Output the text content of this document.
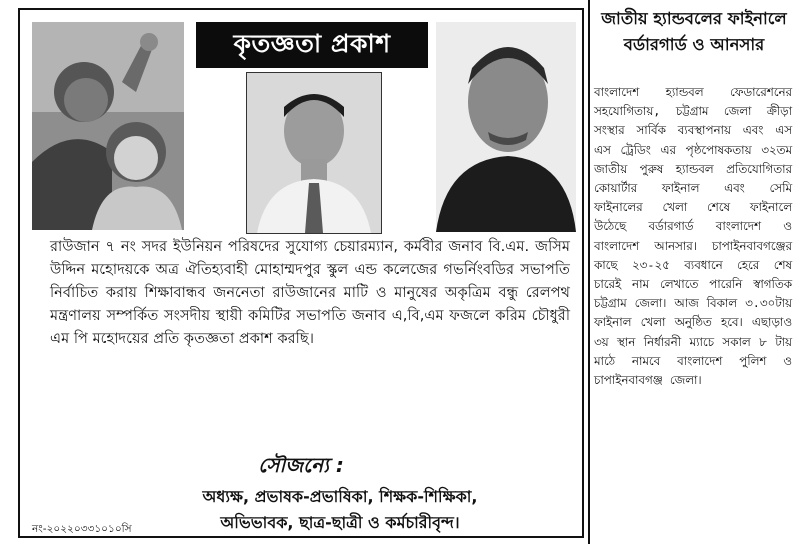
কৃতজ্ঞতা প্রকাশ
রাউজান ৭ নং সদর ইউনিয়ন পরিষদের সুযোগ্য চেয়ারম্যান, কর্মবীর জনাব বি.এম. জসিম উদ্দিন মহোদয়কে অত্র ঐতিহ্যবাহী মোহাম্মদপুর স্কুল এন্ড কলেজের গভর্নিংবডির সভাপতি নির্বাচিত করায় শিক্ষাবান্ধব জননেতা রাউজানের মাটি ও মানুষের অকৃত্রিম বন্ধু রেলপথ মন্ত্রণালয় সম্পর্কিত সংসদীয় স্থায়ী কমিটির সভাপতি জনাব এ,বি,এম ফজলে করিম চৌধুরী এম পি মহোদয়ের প্রতি কৃতজ্ঞতা প্রকাশ করছি।
সৌজন্যে :
অধ্যক্ষ, প্রভাষক-প্রভাষিকা, শিক্ষক-শিক্ষিকা,
অভিভাবক, ছাত্র-ছাত্রী ও কর্মচারীবৃন্দ।
নং-২০২২০৩৩১০১০সি
জাতীয় হ্যান্ডবলের ফাইনালে
বর্ডারগার্ড ও আনসার
বাংলাদেশ হ্যান্ডবল ফেডারেশনের সহযোগিতায়, চট্টগ্রাম জেলা ক্রীড়া সংস্থার সার্বিক ব্যবস্থাপনায় এবং এস এস ট্রেডিং এর পৃষ্ঠপোষকতায় ৩২তম জাতীয় পুরুষ হ্যান্ডবল প্রতিযোগিতার কোয়ার্টার ফাইনাল এবং সেমি ফাইনালের খেলা শেষে ফাইনালে উঠেছে বর্ডারগার্ড বাংলাদেশ ও বাংলাদেশ আনসার। চাপাইনবাবগঞ্জের কাছে ২৩-২৫ ব্যবধানে হেরে শেষ চারেই নাম লেখাতে পারেনি স্বাগতিক চট্টগ্রাম জেলা। আজ বিকাল ৩.৩০টায় ফাইনাল খেলা অনুষ্ঠিত হবে। এছাড়াও ৩য় স্থান নির্ধারনী ম্যাচে সকাল ৮ টায় মাঠে নামবে বাংলাদেশ পুলিশ ও চাপাইনবাবগঞ্জ জেলা।
